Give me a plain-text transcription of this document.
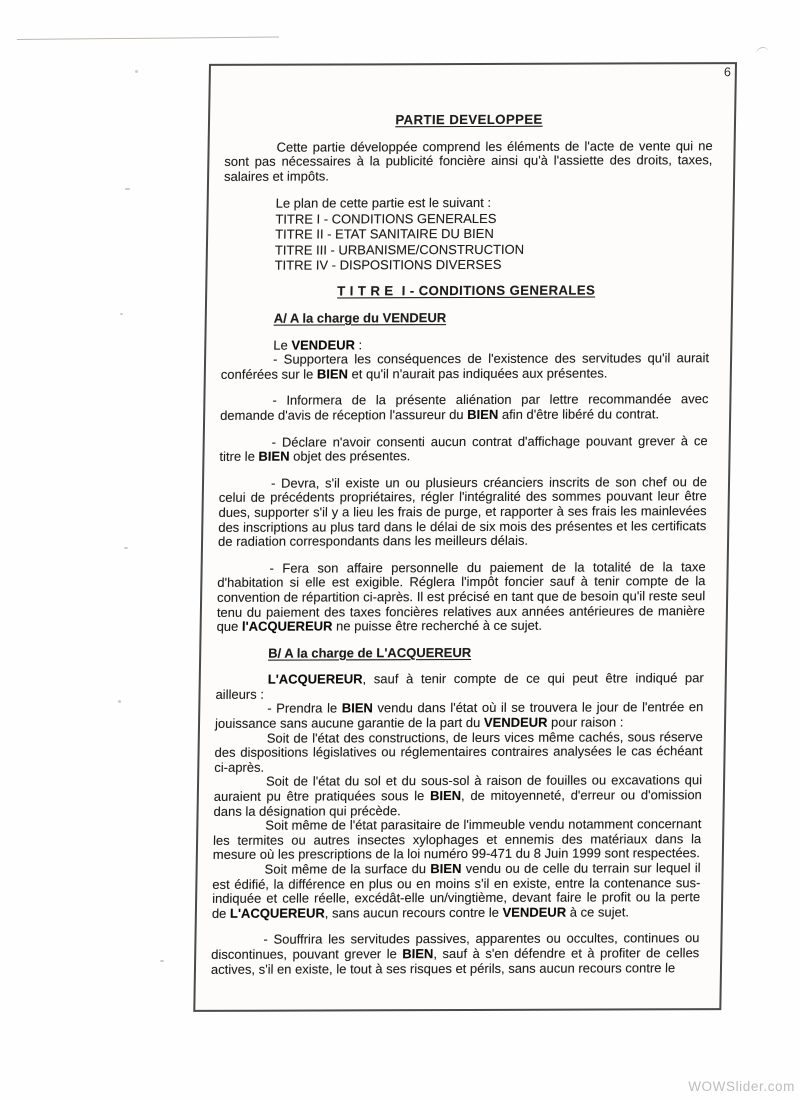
6
PARTIE DEVELOPPEE

Cette partie développée comprend les éléments de l'acte de vente qui ne sont pas nécessaires à la publicité foncière ainsi qu'à l'assiette des droits, taxes, salaires et impôts.

Le plan de cette partie est le suivant :
TITRE I - CONDITIONS GENERALES
TITRE II - ETAT SANITAIRE DU BIEN
TITRE III - URBANISME/CONSTRUCTION
TITRE IV - DISPOSITIONS DIVERSES
T I T R E  I - CONDITIONS GENERALES
A/ A la charge du VENDEUR

Le VENDEUR :

- Supportera les conséquences de l'existence des servitudes qu'il aurait conférées sur le BIEN et qu'il n'aurait pas indiquées aux présentes.

- Informera de la présente aliénation par lettre recommandée avec demande d'avis de réception l'assureur du BIEN afin d'être libéré du contrat.

- Déclare n'avoir consenti aucun contrat d'affichage pouvant grever à ce titre le BIEN objet des présentes.

- Devra, s'il existe un ou plusieurs créanciers inscrits de son chef ou de celui de précédents propriétaires, régler l'intégralité des sommes pouvant leur être dues, supporter s'il y a lieu les frais de purge, et rapporter à ses frais les mainlevées des inscriptions au plus tard dans le délai de six mois des présentes et les certificats de radiation correspondants dans les meilleurs délais.

- Fera son affaire personnelle du paiement de la totalité de la taxe d'habitation si elle est exigible. Réglera l'impôt foncier sauf à tenir compte de la convention de répartition ci-après. Il est précisé en tant que de besoin qu'il reste seul tenu du paiement des taxes foncières relatives aux années antérieures de manière que l'ACQUEREUR ne puisse être recherché à ce sujet.

B/ A la charge de L'ACQUEREUR

L'ACQUEREUR, sauf à tenir compte de ce qui peut être indiqué par ailleurs :

- Prendra le BIEN vendu dans l'état où il se trouvera le jour de l'entrée en jouissance sans aucune garantie de la part du VENDEUR pour raison :

Soit de l'état des constructions, de leurs vices même cachés, sous réserve des dispositions législatives ou réglementaires contraires analysées le cas échéant ci-après.

Soit de l'état du sol et du sous-sol à raison de fouilles ou excavations qui auraient pu être pratiquées sous le BIEN, de mitoyenneté, d'erreur ou d'omission dans la désignation qui précède.

Soit même de l'état parasitaire de l'immeuble vendu notamment concernant les termites ou autres insectes xylophages et ennemis des matériaux dans la mesure où les prescriptions de la loi numéro 99-471 du 8 Juin 1999 sont respectées.

Soit même de la surface du BIEN vendu ou de celle du terrain sur lequel il est édifié, la différence en plus ou en moins s'il en existe, entre la contenance sus-indiquée et celle réelle, excédât-elle un/vingtième, devant faire le profit ou la perte de L'ACQUEREUR, sans aucun recours contre le VENDEUR à ce sujet.

- Souffrira les servitudes passives, apparentes ou occultes, continues ou discontinues, pouvant grever le BIEN, sauf à s'en défendre et à profiter de celles actives, s'il en existe, le tout à ses risques et périls, sans aucun recours contre le

WOWSlider.com
